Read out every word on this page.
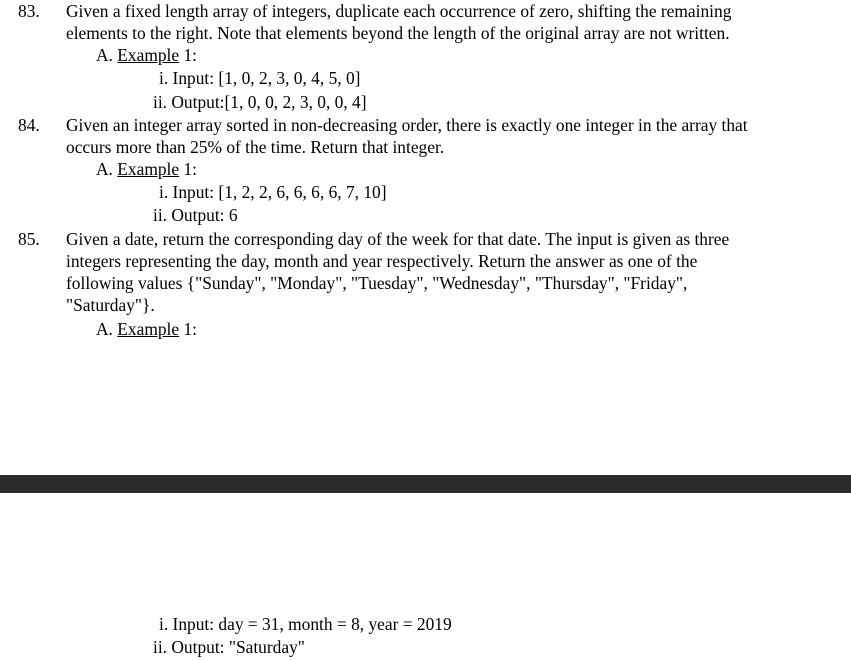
83. Given a fixed length array of integers, duplicate each occurrence of zero, shifting the remaining
elements to the right. Note that elements beyond the length of the original array are not written.
A. Example 1:
i. Input: [1, 0, 2, 3, 0, 4, 5, 0]
ii. Output:[1, 0, 0, 2, 3, 0, 0, 4]
84. Given an integer array sorted in non-decreasing order, there is exactly one integer in the array that
occurs more than 25% of the time. Return that integer.
A. Example 1:
i. Input: [1, 2, 2, 6, 6, 6, 6, 7, 10]
ii. Output: 6
85. Given a date, return the corresponding day of the week for that date. The input is given as three
integers representing the day, month and year respectively. Return the answer as one of the
following values {"Sunday", "Monday", "Tuesday", "Wednesday", "Thursday", "Friday",
"Saturday"}.
A. Example 1:
i. Input: day = 31, month = 8, year = 2019
ii. Output: "Saturday"
